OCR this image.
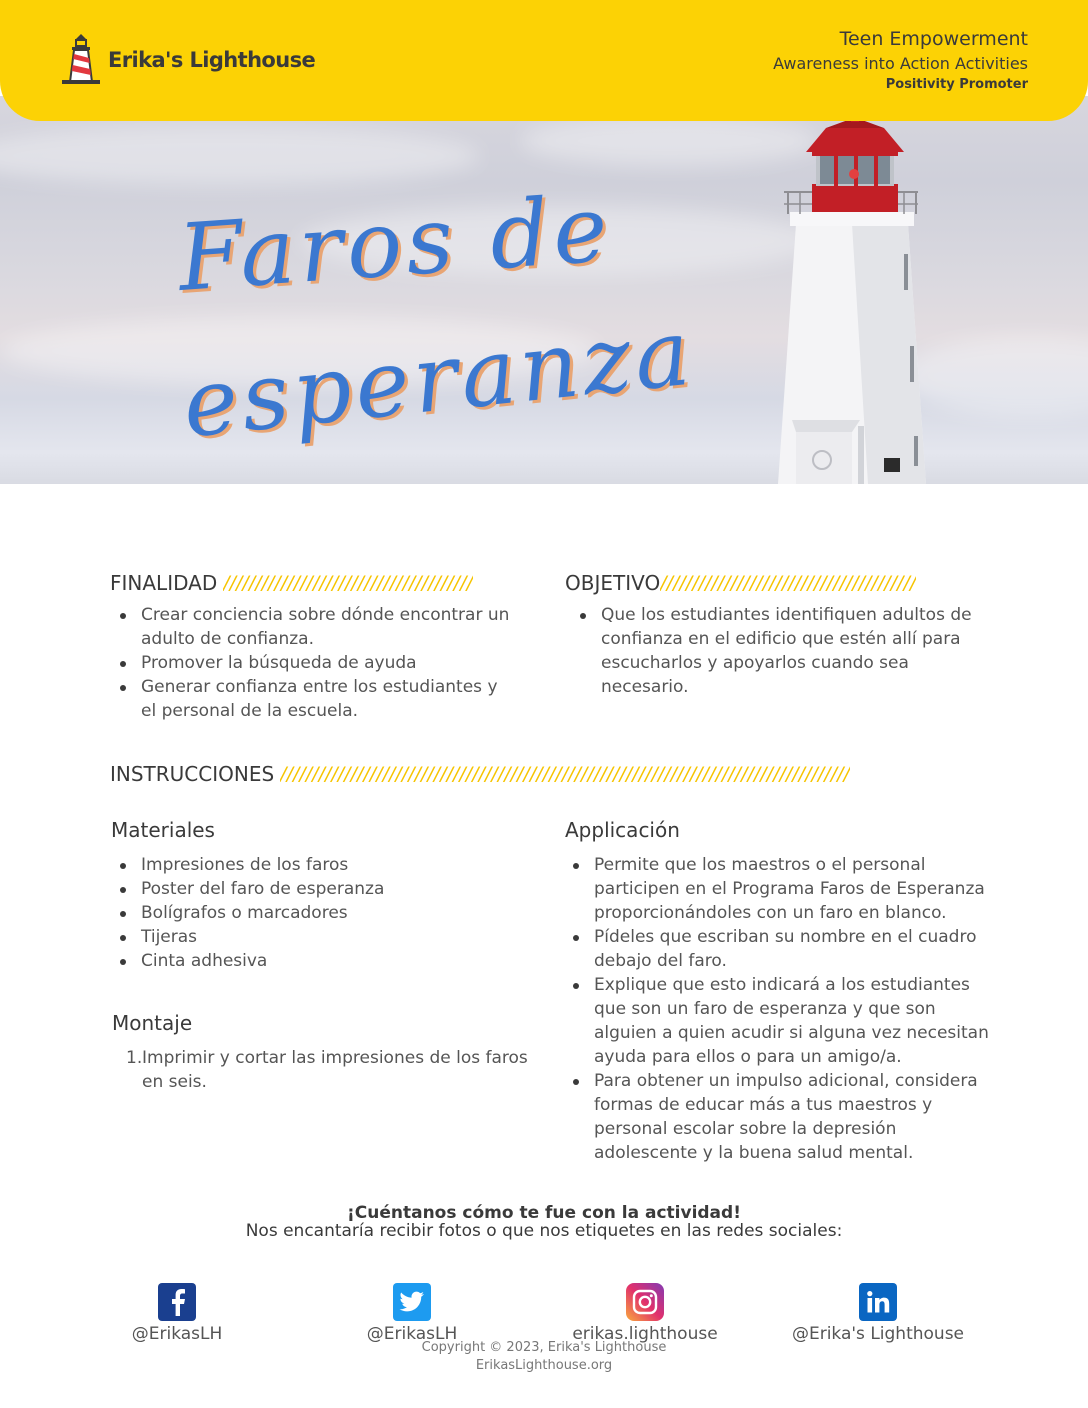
Erika's Lighthouse
Teen Empowerment
Awareness into Action Activities
Positivity Promoter
Faros de
esperanza
FINALIDAD ///////////////////////////////////////
Crear conciencia sobre dónde encontrar un adulto de confianza.
Promover la búsqueda de ayuda
Generar confianza entre los estudiantes y el personal de la escuela.
OBJETIVO ////////////////////////////////////////
Que los estudiantes identifiquen adultos de confianza en el edificio que estén allí para escucharlos y apoyarlos cuando sea necesario.
INSTRUCCIONES /////////////////////////////////////////////////////////////////////////////////////////
Materiales
Impresiones de los faros
Poster del faro de esperanza
Bolígrafos o marcadores
Tijeras
Cinta adhesiva
Montaje
1. Imprimir y cortar las impresiones de los faros en seis.
Applicación
Permite que los maestros o el personal participen en el Programa Faros de Esperanza proporcionándoles con un faro en blanco.
Pídeles que escriban su nombre en el cuadro debajo del faro.
Explique que esto indicará a los estudiantes que son un faro de esperanza y que son alguien a quien acudir si alguna vez necesitan ayuda para ellos o para un amigo/a.
Para obtener un impulso adicional, considera formas de educar más a tus maestros y personal escolar sobre la depresión adolescente y la buena salud mental.
¡Cuéntanos cómo te fue con la actividad!
Nos encantaría recibir fotos o que nos etiquetes en las redes sociales:
@ErikasLH	@ErikasLH	erikas.lighthouse	@Erika's Lighthouse
Copyright © 2023, Erika's Lighthouse
ErikasLighthouse.org
